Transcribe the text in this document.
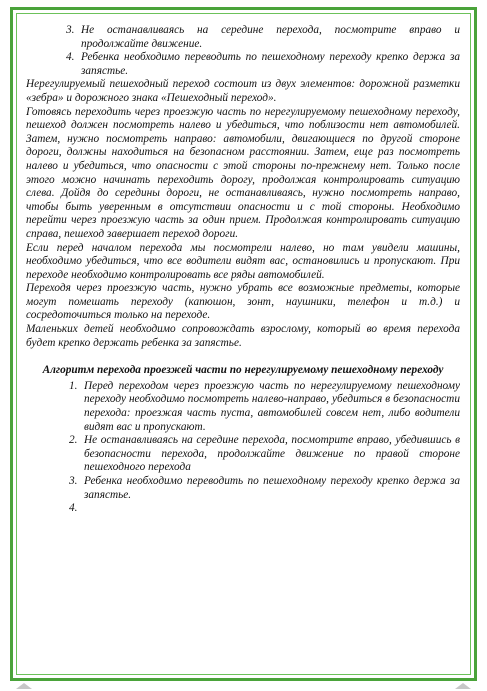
3. Не останавливаясь на середине перехода, посмотрите вправо и продолжайте движение.
4. Ребенка необходимо переводить по пешеходному переходу крепко держа за запястье.

Нерегулируемый пешеходный переход состоит из двух элементов: дорожной разметки «зебра» и дорожного знака «Пешеходный переход».

Готовясь переходить через проезжую часть по нерегулируемому пешеходному переходу, пешеход должен посмотреть налево и убедиться, что поблизости нет автомобилей. Затем, нужно посмотреть направо: автомобили, двигающиеся по другой стороне дороги, должны находиться на безопасном расстоянии. Затем, еще раз посмотреть налево и убедиться, что опасности с этой стороны по-прежнему нет. Только после этого можно начинать переходить дорогу, продолжая контролировать ситуацию слева. Дойдя до середины дороги, не останавливаясь, нужно посмотреть направо, чтобы быть уверенным в отсутствии опасности и с той стороны. Необходимо перейти через проезжую часть за один прием. Продолжая контролировать ситуацию справа, пешеход завершает переход дороги.

Если перед началом перехода мы посмотрели налево, но там увидели машины, необходимо убедиться, что все водители видят вас, остановились и пропускают. При переходе необходимо контролировать все ряды автомобилей.

Переходя через проезжую часть, нужно убрать все возможные предметы, которые могут помешать переходу (капюшон, зонт, наушники, телефон и т.д.) и сосредоточиться только на переходе.

Маленьких детей необходимо сопровождать взрослому, который во время перехода будет крепко держать ребенка за запястье.

Алгоритм перехода проезжей части по нерегулируемому пешеходному переходу
1. Перед переходом через проезжую часть по нерегулируемому пешеходному переходу необходимо посмотреть налево-направо, убедиться в безопасности перехода: проезжая часть пуста, автомобилей совсем нет, либо водители видят вас и пропускают.
2. Не останавливаясь на середине перехода, посмотрите вправо, убедившись в безопасности перехода, продолжайте движение по правой стороне пешеходного перехода
3. Ребенка необходимо переводить по пешеходному переходу крепко держа за запястье.
4.
